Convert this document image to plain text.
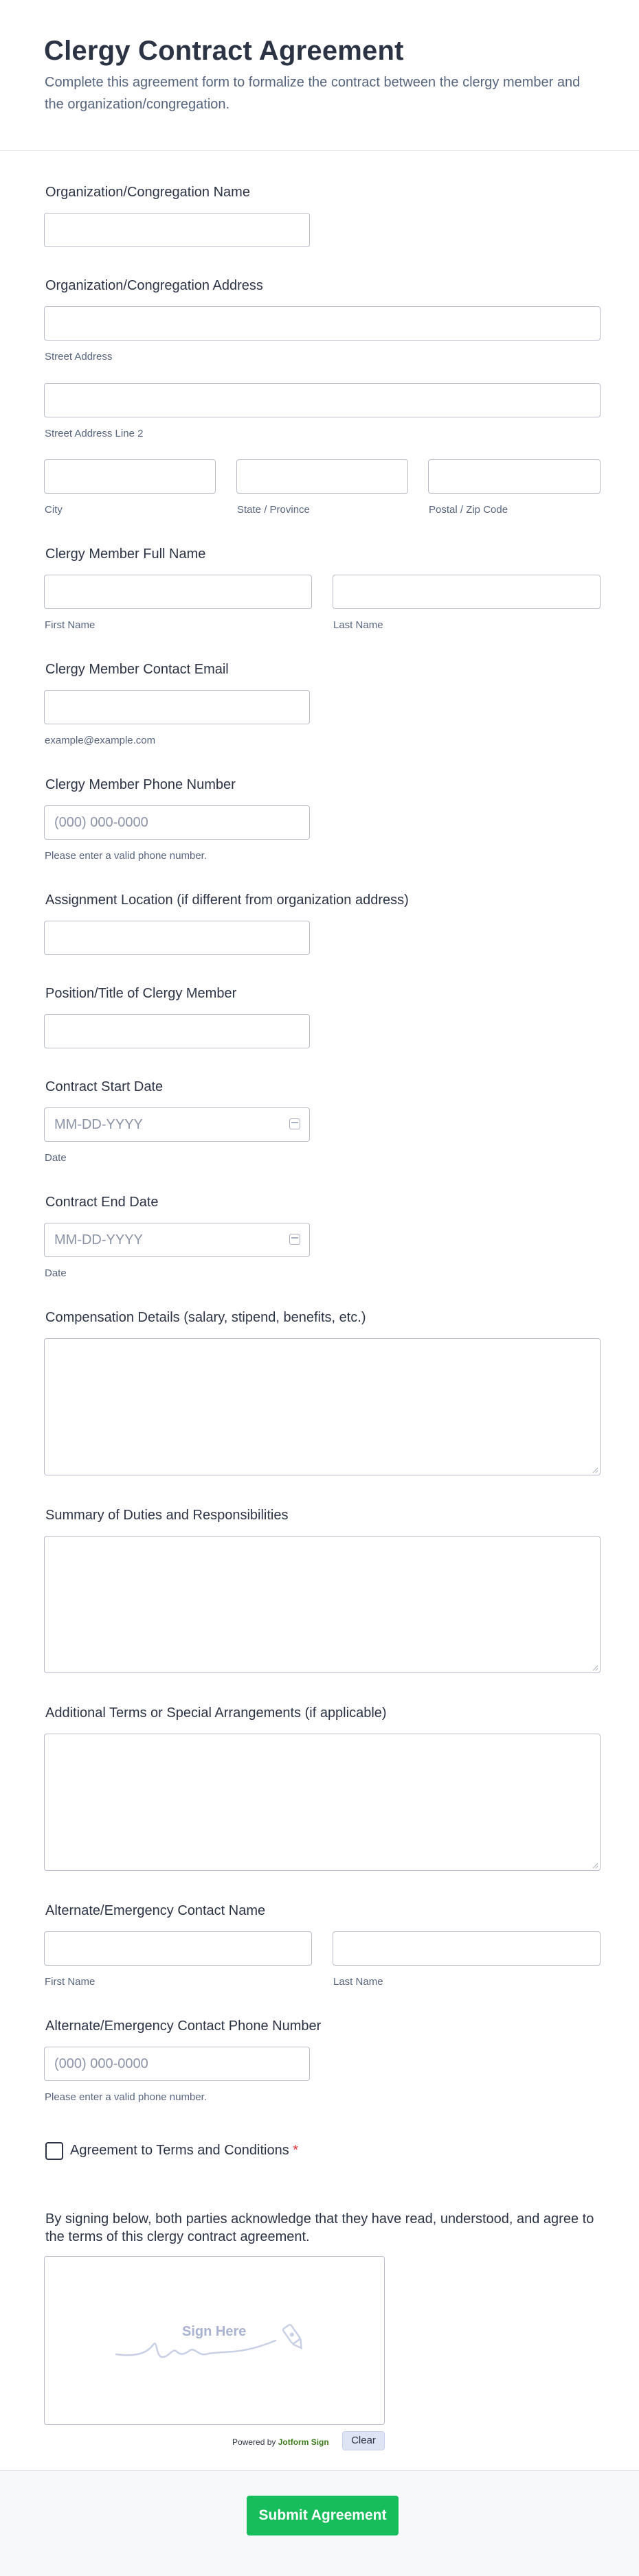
Clergy Contract Agreement

Complete this agreement form to formalize the contract between the clergy member and the organization/congregation.

Organization/Congregation Name
Organization/Congregation Address
Street Address
Street Address Line 2
City	State / Province	Postal / Zip Code
Clergy Member Full Name
First Name	Last Name
Clergy Member Contact Email
example@example.com
Clergy Member Phone Number
(000) 000-0000
Please enter a valid phone number.
Assignment Location (if different from organization address)
Position/Title of Clergy Member
Contract Start Date
MM-DD-YYYY
Date
Contract End Date
MM-DD-YYYY
Date
Compensation Details (salary, stipend, benefits, etc.)
Summary of Duties and Responsibilities
Additional Terms or Special Arrangements (if applicable)
Alternate/Emergency Contact Name
First Name	Last Name
Alternate/Emergency Contact Phone Number
(000) 000-0000
Please enter a valid phone number.
Agreement to Terms and Conditions *
By signing below, both parties acknowledge that they have read, understood, and agree to the terms of this clergy contract agreement.
Sign Here
Powered by Jotform Sign	Clear
Submit Agreement
